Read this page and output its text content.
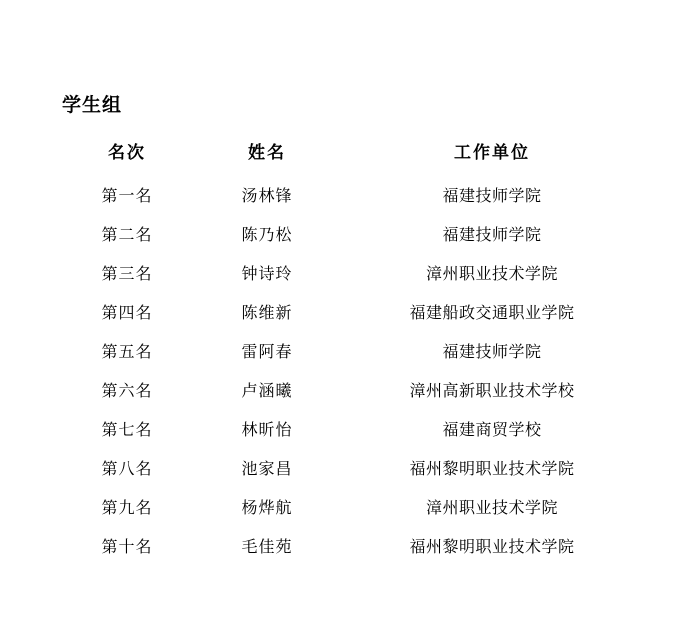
学生组
名次	姓名	工作单位
第一名	汤林锋	福建技师学院
第二名	陈乃松	福建技师学院
第三名	钟诗玲	漳州职业技术学院
第四名	陈维新	福建船政交通职业学院
第五名	雷阿春	福建技师学院
第六名	卢涵曦	漳州高新职业技术学校
第七名	林昕怡	福建商贸学校
第八名	池家昌	福州黎明职业技术学院
第九名	杨烨航	漳州职业技术学院
第十名	毛佳苑	福州黎明职业技术学院
